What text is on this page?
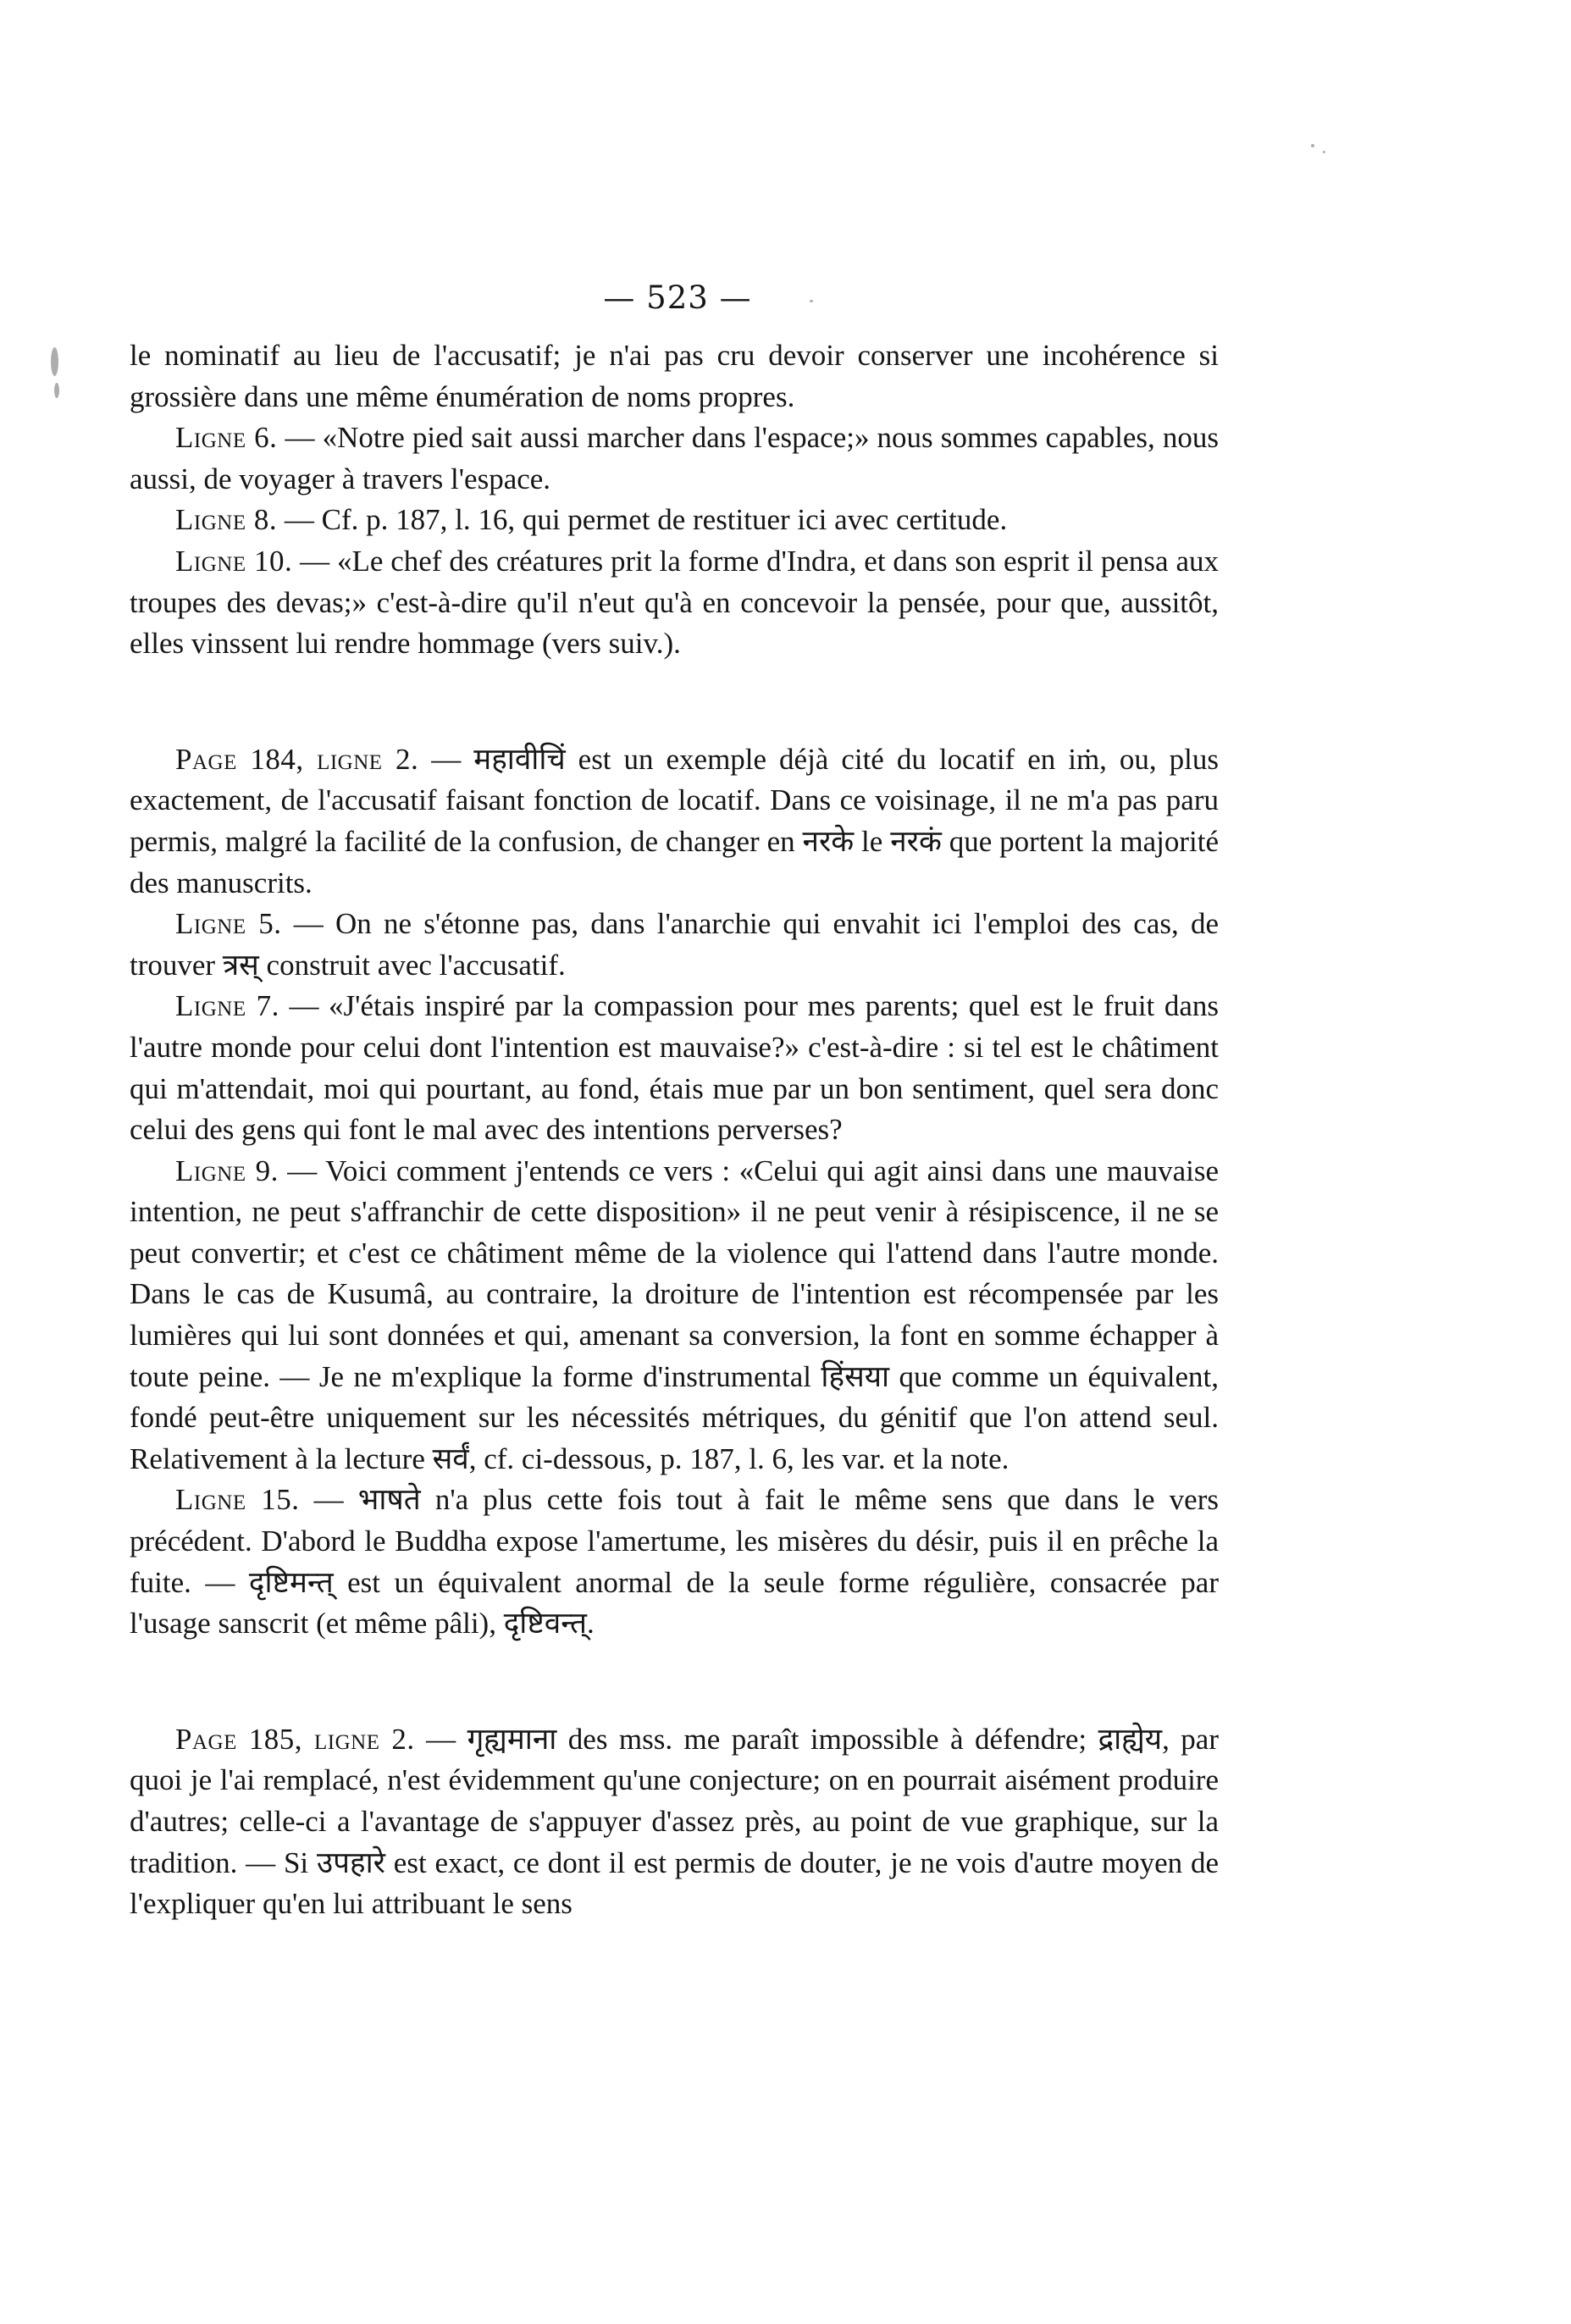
— 523 —

le nominatif au lieu de l'accusatif; je n'ai pas cru devoir conserver une incohérence si grossière dans une même énumération de noms propres.

Ligne 6. — «Notre pied sait aussi marcher dans l'espace;» nous sommes capables, nous aussi, de voyager à travers l'espace.

Ligne 8. — Cf. p. 187, l. 16, qui permet de restituer ici avec certitude.

Ligne 10. — «Le chef des créatures prit la forme d'Indra, et dans son esprit il pensa aux troupes des devas;» c'est-à-dire qu'il n'eut qu'à en concevoir la pensée, pour que, aussitôt, elles vinssent lui rendre hommage (vers suiv.).

Page 184, ligne 2. — महावीचिं est un exemple déjà cité du locatif en iṁ, ou, plus exactement, de l'accusatif faisant fonction de locatif. Dans ce voisinage, il ne m'a pas paru permis, malgré la facilité de la confusion, de changer en नरके le नरकं que portent la majorité des manuscrits.

Ligne 5. — On ne s'étonne pas, dans l'anarchie qui envahit ici l'emploi des cas, de trouver त्रस् construit avec l'accusatif.

Ligne 7. — «J'étais inspiré par la compassion pour mes parents; quel est le fruit dans l'autre monde pour celui dont l'intention est mauvaise?» c'est-à-dire : si tel est le châtiment qui m'attendait, moi qui pourtant, au fond, étais mue par un bon sentiment, quel sera donc celui des gens qui font le mal avec des intentions perverses?

Ligne 9. — Voici comment j'entends ce vers : «Celui qui agit ainsi dans une mauvaise intention, ne peut s'affranchir de cette disposition» il ne peut venir à résipiscence, il ne se peut convertir; et c'est ce châtiment même de la violence qui l'attend dans l'autre monde. Dans le cas de Kusumâ, au contraire, la droiture de l'intention est récompensée par les lumières qui lui sont données et qui, amenant sa conversion, la font en somme échapper à toute peine. — Je ne m'explique la forme d'instrumental हिंसया que comme un équivalent, fondé peut-être uniquement sur les nécessités métriques, du génitif que l'on attend seul. Relativement à la lecture सर्वं, cf. ci-dessous, p. 187, l. 6, les var. et la note.

Ligne 15. — भाषते n'a plus cette fois tout à fait le même sens que dans le vers précédent. D'abord le Buddha expose l'amertume, les misères du désir, puis il en prêche la fuite. — दृष्टिमन्त् est un équivalent anormal de la seule forme régulière, consacrée par l'usage sanscrit (et même pâli), दृष्टिवन्त्.

Page 185, ligne 2. — गृह्यमाना des mss. me paraît impossible à défendre; द्राह्येय, par quoi je l'ai remplacé, n'est évidemment qu'une conjecture; on en pourrait aisément produire d'autres; celle-ci a l'avantage de s'appuyer d'assez près, au point de vue graphique, sur la tradition. — Si उपहारे est exact, ce dont il est permis de douter, je ne vois d'autre moyen de l'expliquer qu'en lui attribuant le sens
